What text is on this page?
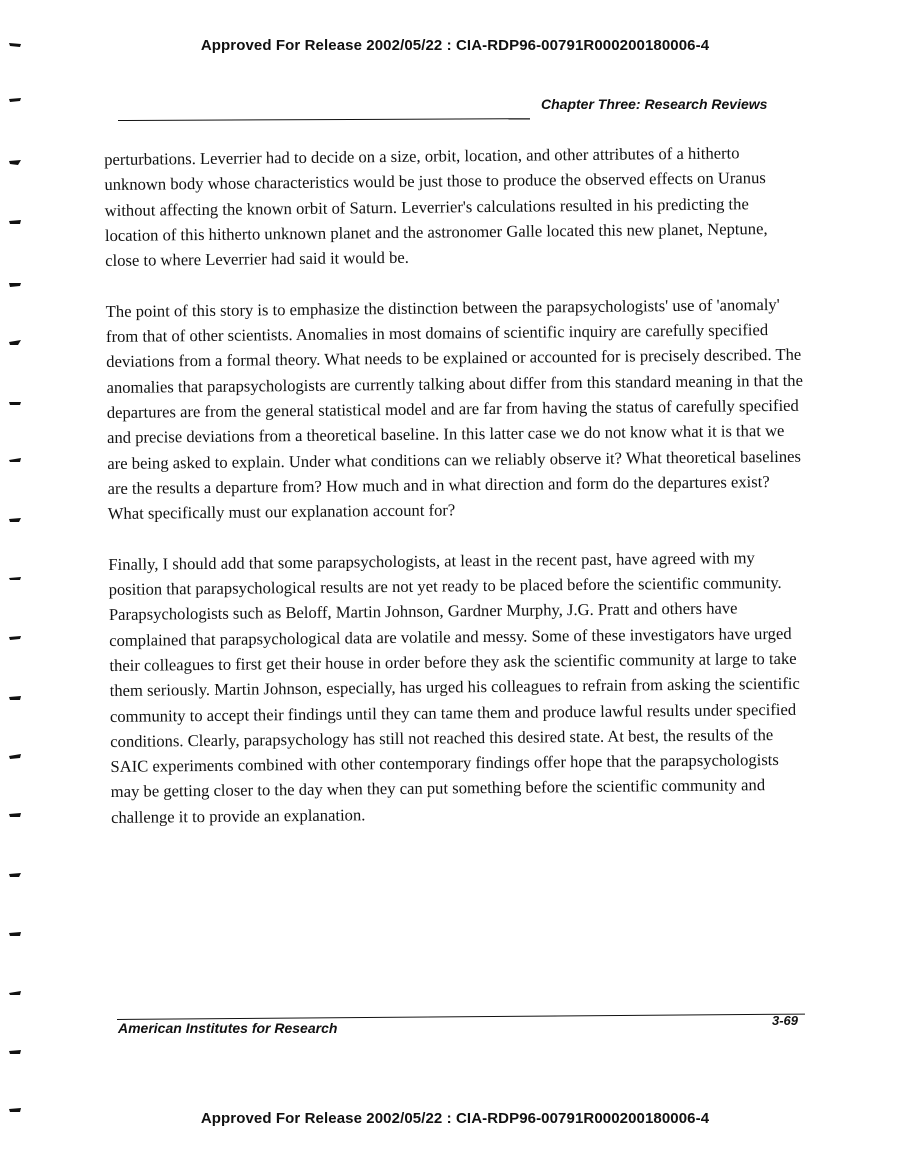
Approved For Release 2002/05/22 : CIA-RDP96-00791R000200180006-4
Chapter Three: Research Reviews

perturbations. Leverrier had to decide on a size, orbit, location, and other attributes of a hitherto unknown body whose characteristics would be just those to produce the observed effects on Uranus without affecting the known orbit of Saturn. Leverrier's calculations resulted in his predicting the location of this hitherto unknown planet and the astronomer Galle located this new planet, Neptune, close to where Leverrier had said it would be.

The point of this story is to emphasize the distinction between the parapsychologists' use of 'anomaly' from that of other scientists. Anomalies in most domains of scientific inquiry are carefully specified deviations from a formal theory. What needs to be explained or accounted for is precisely described. The anomalies that parapsychologists are currently talking about differ from this standard meaning in that the departures are from the general statistical model and are far from having the status of carefully specified and precise deviations from a theoretical baseline. In this latter case we do not know what it is that we are being asked to explain. Under what conditions can we reliably observe it? What theoretical baselines are the results a departure from? How much and in what direction and form do the departures exist? What specifically must our explanation account for?

Finally, I should add that some parapsychologists, at least in the recent past, have agreed with my position that parapsychological results are not yet ready to be placed before the scientific community. Parapsychologists such as Beloff, Martin Johnson, Gardner Murphy, J.G. Pratt and others have complained that parapsychological data are volatile and messy. Some of these investigators have urged their colleagues to first get their house in order before they ask the scientific community at large to take them seriously. Martin Johnson, especially, has urged his colleagues to refrain from asking the scientific community to accept their findings until they can tame them and produce lawful results under specified conditions. Clearly, parapsychology has still not reached this desired state. At best, the results of the SAIC experiments combined with other contemporary findings offer hope that the parapsychologists may be getting closer to the day when they can put something before the scientific community and challenge it to provide an explanation.

American Institutes for Research	3-69
Approved For Release 2002/05/22 : CIA-RDP96-00791R000200180006-4
